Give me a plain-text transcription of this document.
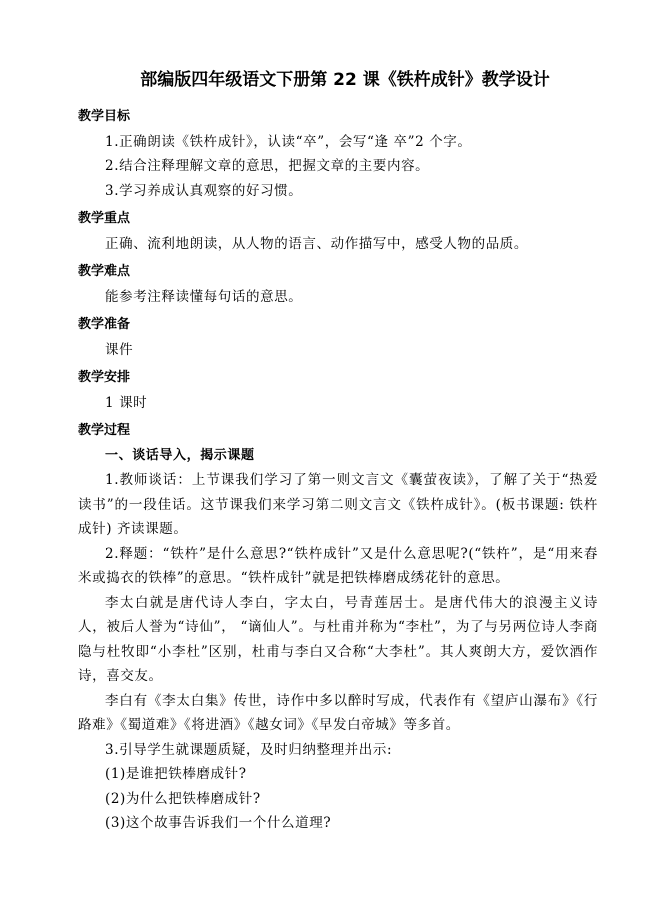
部编版四年级语文下册第 22 课《铁杵成针》教学设计

教学目标

1.正确朗读《铁杵成针》，认读“卒”，会写“逢 卒”2 个字。

2.结合注释理解文章的意思，把握文章的主要内容。

3.学习养成认真观察的好习惯。

教学重点

正确、流利地朗读，从人物的语言、动作描写中，感受人物的品质。

教学难点

能参考注释读懂每句话的意思。

教学准备

课件

教学安排

1 课时

教学过程

一、谈话导入，揭示课题

1.教师谈话：上节课我们学习了第一则文言文《囊萤夜读》，了解了关于“热爱读书”的一段佳话。这节课我们来学习第二则文言文《铁杵成针》。(板书课题: 铁杵成针) 齐读课题。

2.释题：“铁杵”是什么意思?“铁杵成针”又是什么意思呢?(“铁杵”，是“用来舂米或捣衣的铁棒”的意思。“铁杵成针”就是把铁棒磨成绣花针的意思。

李太白就是唐代诗人李白，字太白，号青莲居士。是唐代伟大的浪漫主义诗人，被后人誉为“诗仙”， “谪仙人”。与杜甫并称为“李杜”，为了与另两位诗人李商隐与杜牧即“小李杜”区别，杜甫与李白又合称“大李杜”。其人爽朗大方，爱饮酒作诗，喜交友。

李白有《李太白集》传世，诗作中多以醉时写成，代表作有《望庐山瀑布》《行路难》《蜀道难》《将进酒》《越女词》《早发白帝城》等多首。

3.引导学生就课题质疑，及时归纳整理并出示:

(1)是谁把铁棒磨成针?

(2)为什么把铁棒磨成针?

(3)这个故事告诉我们一个什么道理?
